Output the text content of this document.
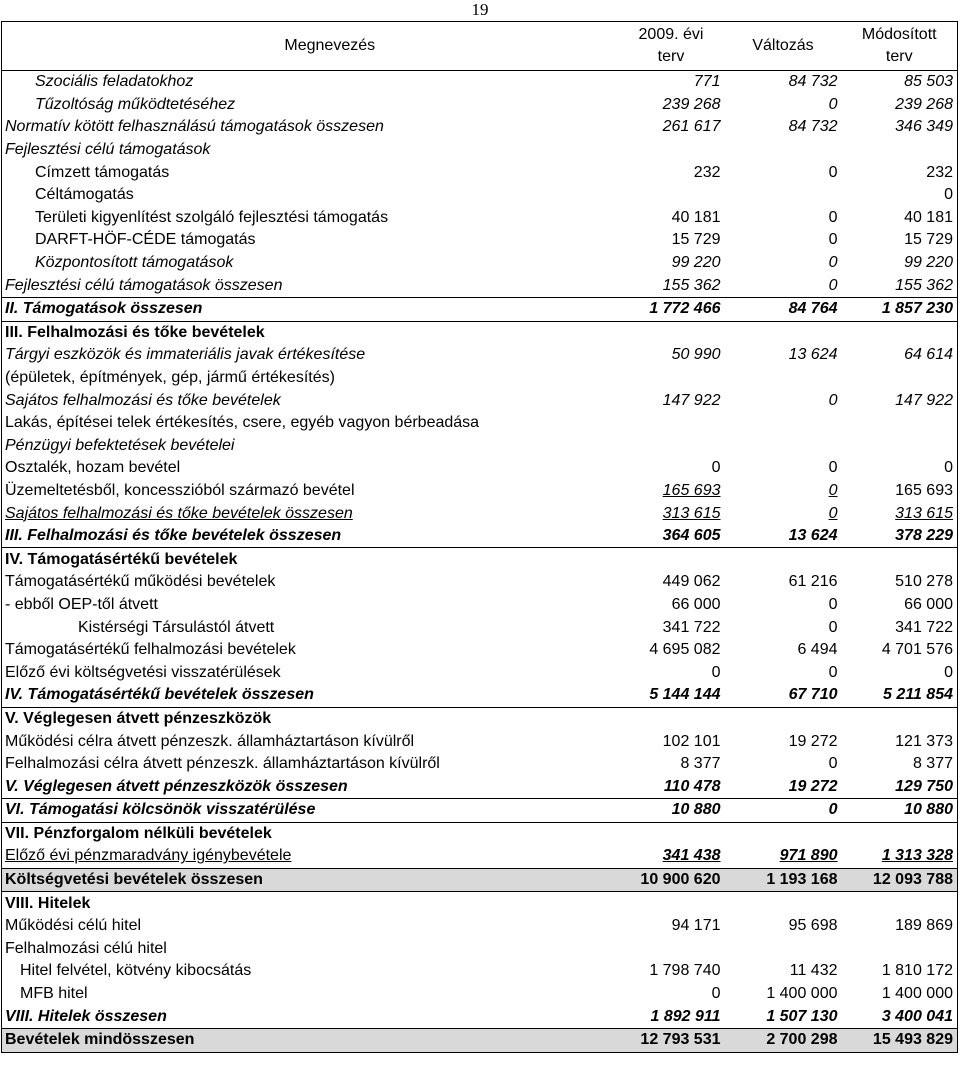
19
Megnevezés	2009. évi terv	Változás	Módosított terv
Szociális feladatokhoz	771	84 732	85 503
Tűzoltóság működtetéséhez	239 268	0	239 268
Normatív kötött felhasználású támogatások összesen	261 617	84 732	346 349
Fejlesztési célú támogatások			
Címzett támogatás	232	0	232
Céltámogatás			0
Területi kigyenlítést szolgáló fejlesztési támogatás	40 181	0	40 181
DARFT-HÖF-CÉDE támogatás	15 729	0	15 729
Központosított támogatások	99 220	0	99 220
Fejlesztési célú támogatások összesen	155 362	0	155 362
II. Támogatások összesen	1 772 466	84 764	1 857 230
III. Felhalmozási és tőke bevételek			
Tárgyi eszközök és immateriális javak értékesítése	50 990	13 624	64 614
(épületek, építmények, gép, jármű értékesítés)			
Sajátos felhalmozási és tőke bevételek	147 922	0	147 922
Lakás, építései telek értékesítés, csere, egyéb vagyon bérbeadása			
Pénzügyi befektetések bevételei			
Osztalék, hozam bevétel	0	0	0
Üzemeltetésből, koncesszióból származó bevétel	165 693	0	165 693
Sajátos felhalmozási és tőke bevételek összesen	313 615	0	313 615
III. Felhalmozási és tőke bevételek összesen	364 605	13 624	378 229
IV. Támogatásértékű bevételek			
Támogatásértékű működési bevételek	449 062	61 216	510 278
- ebből OEP-től átvett	66 000	0	66 000
Kistérségi Társulástól átvett	341 722	0	341 722
Támogatásértékű felhalmozási bevételek	4 695 082	6 494	4 701 576
Előző évi költségvetési visszatérülések	0	0	0
IV. Támogatásértékű bevételek összesen	5 144 144	67 710	5 211 854
V. Véglegesen átvett pénzeszközök			
Működési célra átvett pénzeszk. államháztartáson kívülről	102 101	19 272	121 373
Felhalmozási célra átvett pénzeszk. államháztartáson kívülről	8 377	0	8 377
V. Véglegesen átvett pénzeszközök összesen	110 478	19 272	129 750
VI. Támogatási kölcsönök visszatérülése	10 880	0	10 880
VII. Pénzforgalom nélküli bevételek			
Előző évi pénzmaradvány igénybevétele	341 438	971 890	1 313 328
Költségvetési bevételek összesen	10 900 620	1 193 168	12 093 788
VIII. Hitelek			
Működési célú hitel	94 171	95 698	189 869
Felhalmozási célú hitel			
Hitel felvétel, kötvény kibocsátás	1 798 740	11 432	1 810 172
MFB hitel	0	1 400 000	1 400 000
VIII. Hitelek összesen	1 892 911	1 507 130	3 400 041
Bevételek mindösszesen	12 793 531	2 700 298	15 493 829
